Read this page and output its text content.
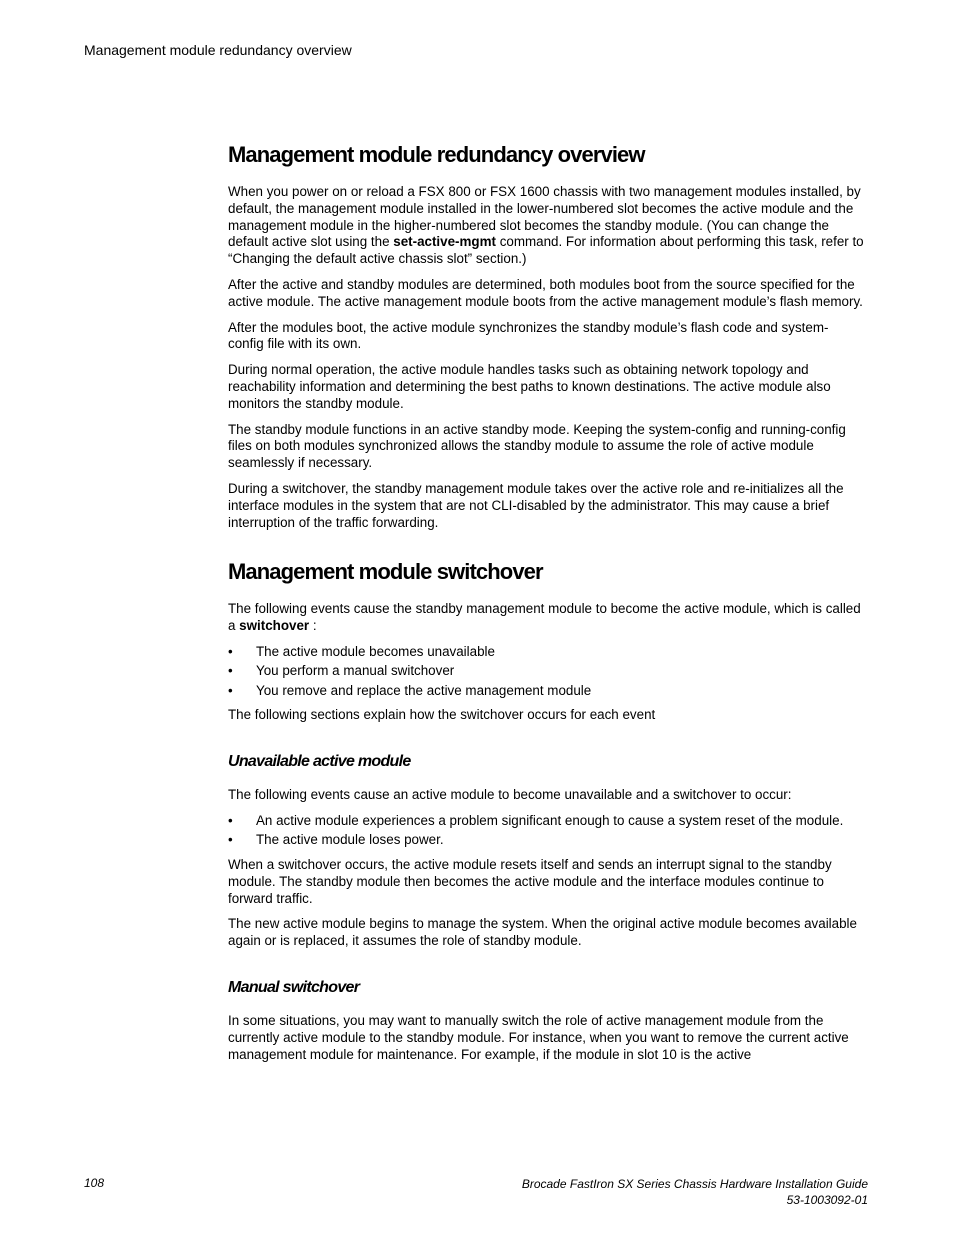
Management module redundancy overview
Management module redundancy overview

When you power on or reload a FSX 800 or FSX 1600 chassis with two management modules installed, by default, the management module installed in the lower-numbered slot becomes the active module and the management module in the higher-numbered slot becomes the standby module. (You can change the default active slot using the set-active-mgmt command. For information about performing this task, refer to “Changing the default active chassis slot” section.)

After the active and standby modules are determined, both modules boot from the source specified for the active module. The active management module boots from the active management module’s flash memory.

After the modules boot, the active module synchronizes the standby module’s flash code and system-config file with its own.

During normal operation, the active module handles tasks such as obtaining network topology and reachability information and determining the best paths to known destinations. The active module also monitors the standby module.

The standby module functions in an active standby mode. Keeping the system-config and running-config files on both modules synchronized allows the standby module to assume the role of active module seamlessly if necessary.

During a switchover, the standby management module takes over the active role and re-initializes all the interface modules in the system that are not CLI-disabled by the administrator. This may cause a brief interruption of the traffic forwarding.

Management module switchover

The following events cause the standby management module to become the active module, which is called a switchover :

• The active module becomes unavailable
• You perform a manual switchover
• You remove and replace the active management module

The following sections explain how the switchover occurs for each event

Unavailable active module

The following events cause an active module to become unavailable and a switchover to occur:

• An active module experiences a problem significant enough to cause a system reset of the module.
• The active module loses power.

When a switchover occurs, the active module resets itself and sends an interrupt signal to the standby module. The standby module then becomes the active module and the interface modules continue to forward traffic.

The new active module begins to manage the system. When the original active module becomes available again or is replaced, it assumes the role of standby module.

Manual switchover

In some situations, you may want to manually switch the role of active management module from the currently active module to the standby module. For instance, when you want to remove the current active management module for maintenance. For example, if the module in slot 10 is the active

108	Brocade FastIron SX Series Chassis Hardware Installation Guide
53-1003092-01
